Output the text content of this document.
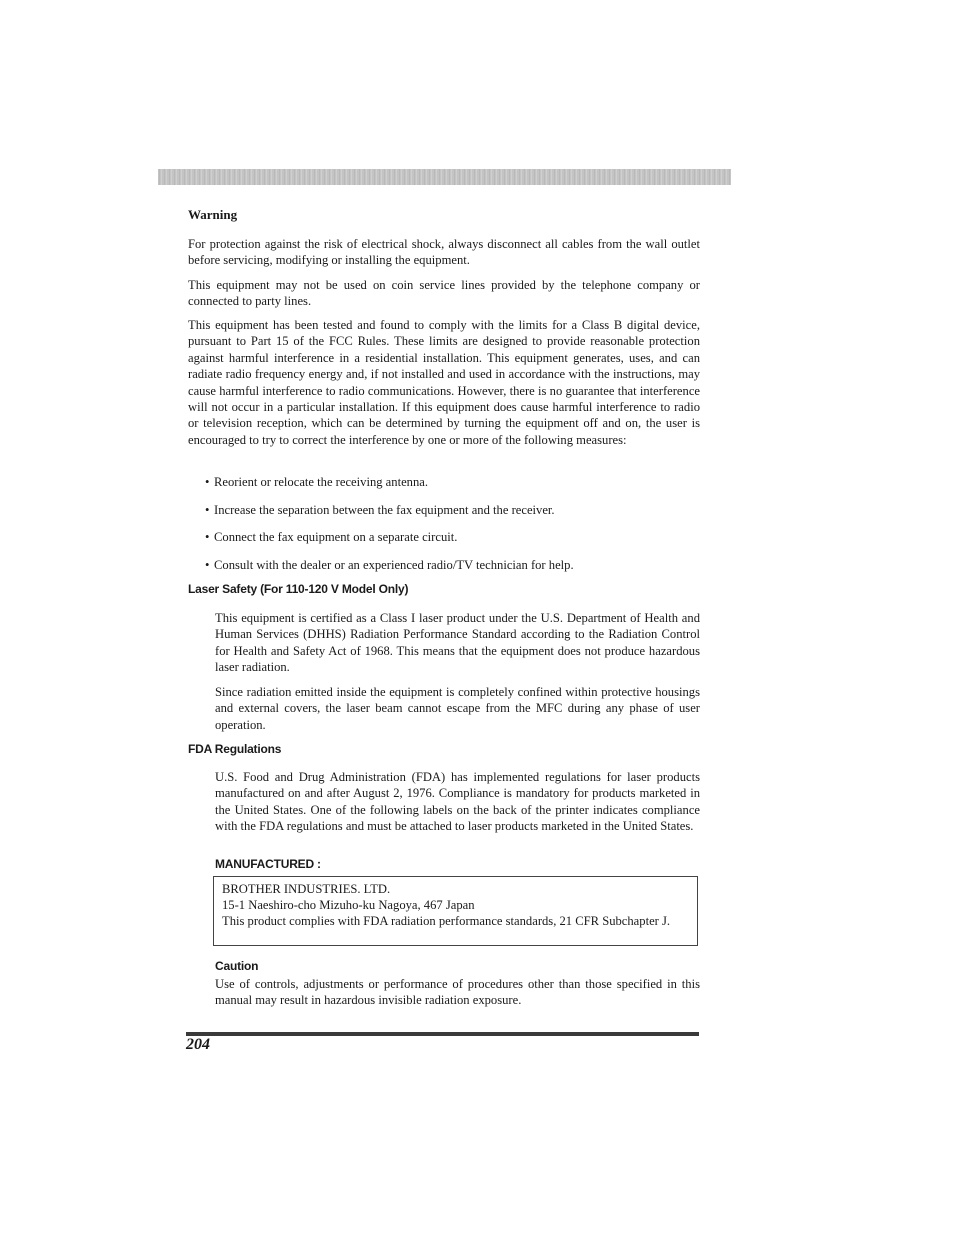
Warning

For protection against the risk of electrical shock, always disconnect all cables from the wall outlet before servicing, modifying or installing the equipment.

This equipment may not be used on coin service lines provided by the telephone company or connected to party lines.

This equipment has been tested and found to comply with the limits for a Class B digital device, pursuant to Part 15 of the FCC Rules. These limits are designed to provide reasonable protection against harmful interference in a residential installation. This equipment generates, uses, and can radiate radio frequency energy and, if not installed and used in accordance with the instructions, may cause harmful interference to radio communications. However, there is no guarantee that interference will not occur in a particular installation. If this equipment does cause harmful interference to radio or television reception, which can be determined by turning the equipment off and on, the user is encouraged to try to correct the interference by one or more of the following measures:

• Reorient or relocate the receiving antenna.
• Increase the separation between the fax equipment and the receiver.
• Connect the fax equipment on a separate circuit.
• Consult with the dealer or an experienced radio/TV technician for help.
Laser Safety (For 110-120 V Model Only)

This equipment is certified as a Class I laser product under the U.S. Department of Health and Human Services (DHHS) Radiation Performance Standard according to the Radiation Control for Health and Safety Act of 1968. This means that the equipment does not produce hazardous laser radiation.

Since radiation emitted inside the equipment is completely confined within protective housings and external covers, the laser beam cannot escape from the MFC during any phase of user operation.

FDA Regulations

U.S. Food and Drug Administration (FDA) has implemented regulations for laser products manufactured on and after August 2, 1976. Compliance is mandatory for products marketed in the United States. One of the following labels on the back of the printer indicates compliance with the FDA regulations and must be attached to laser products marketed in the United States.

MANUFACTURED :
BROTHER INDUSTRIES. LTD.
15-1 Naeshiro-cho Mizuho-ku Nagoya, 467 Japan
This product complies with FDA radiation performance standards, 21 CFR Subchapter J.
Caution

Use of controls, adjustments or performance of procedures other than those specified in this manual may result in hazardous invisible radiation exposure.

204
